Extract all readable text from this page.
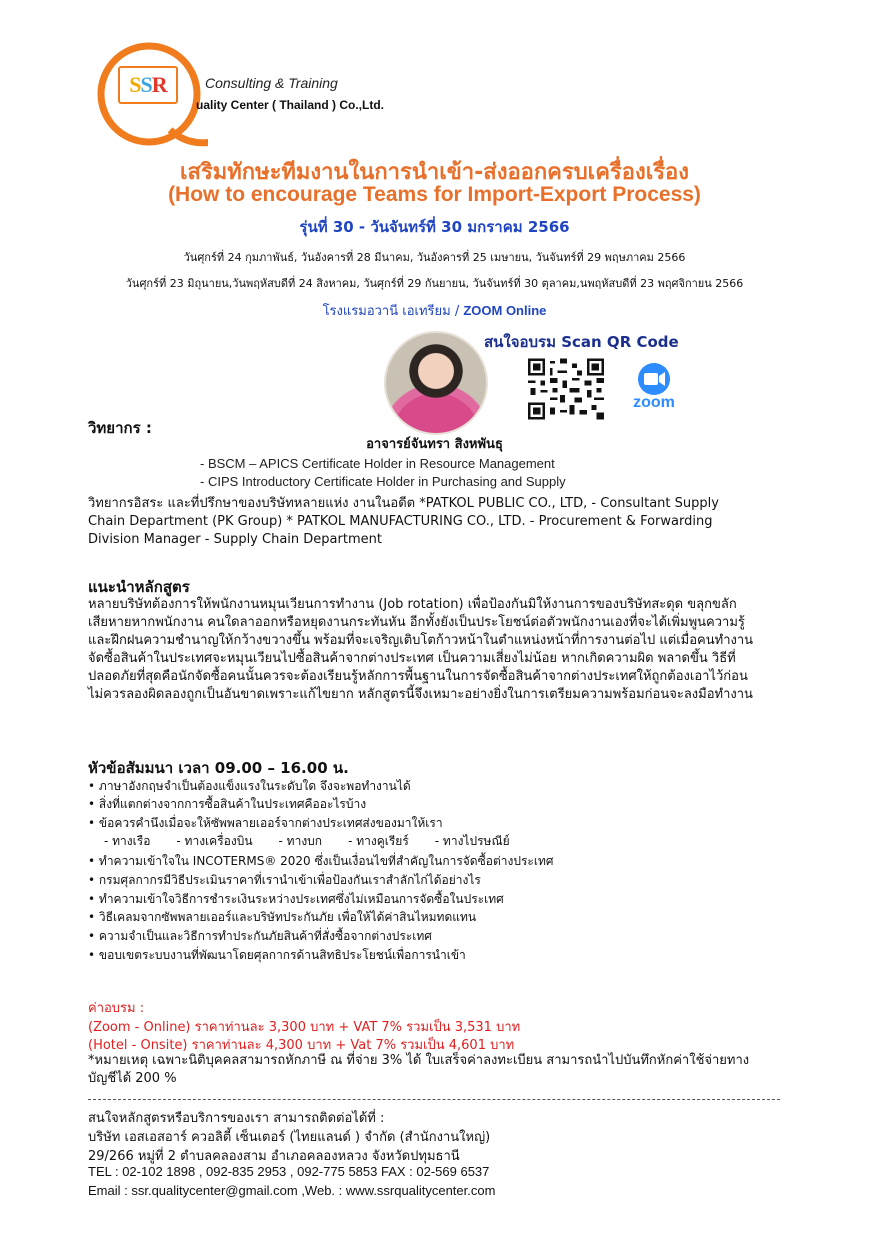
SSR	Consulting & Training
uality Center ( Thailand ) Co.,Ltd.
เสริมทักษะทีมงานในการนำเข้า-ส่งออกครบเครื่องเรื่อง
(How to encourage Teams for Import-Export Process)
รุ่นที่ 30 - วันจันทร์ที่ 30 มกราคม 2566
วันศุกร์ที่ 24 กุมภาพันธ์, วันอังคารที่ 28 มีนาคม, วันอังคารที่ 25 เมษายน, วันจันทร์ที่ 29 พฤษภาคม 2566
วันศุกร์ที่ 23 มิถุนายน,วันพฤหัสบดีที่ 24 สิงหาคม, วันศุกร์ที่ 29 กันยายน, วันจันทร์ที่ 30 ตุลาคม,นพฤหัสบดีที่ 23 พฤศจิกายน 2566
โรงแรมอวานี เอเทรียม / ZOOM Online
สนใจอบรม Scan QR Code
zoom
วิทยากร :
อาจารย์จันทรา สิงหพันธุ
- BSCM – APICS Certificate Holder in Resource Management
- CIPS Introductory Certificate Holder in Purchasing and Supply
วิทยากรอิสระ และที่ปรึกษาของบริษัทหลายแห่ง งานในอดีต *PATKOL PUBLIC CO., LTD, - Consultant Supply Chain Department (PK Group) * PATKOL MANUFACTURING CO., LTD. - Procurement & Forwarding Division Manager - Supply Chain Department
แนะนำหลักสูตร
หลายบริษัทต้องการให้พนักงานหมุนเวียนการทำงาน (Job rotation) เพื่อป้องกันมิให้งานการของบริษัทสะดุด ขลุกขลักเสียหายหากพนักงาน คนใดลาออกหรือหยุดงานกระทันหัน อีกทั้งยังเป็นประโยชน์ต่อตัวพนักงานเองที่จะได้เพิ่มพูนความรู้และฝึกฝนความชำนาญให้กว้างขวางขึ้น พร้อมที่จะเจริญเติบโตก้าวหน้าในตำแหน่งหน้าที่การงานต่อไป แต่เมื่อคนทำงานจัดซื้อสินค้าในประเทศจะหมุนเวียนไปซื้อสินค้าจากต่างประเทศ เป็นความเสี่ยงไม่น้อย หากเกิดความผิด พลาดขึ้น วิธีที่ปลอดภัยที่สุดคือนักจัดซื้อคนนั้นควรจะต้องเรียนรู้หลักการพื้นฐานในการจัดซื้อสินค้าจากต่างประเทศให้ถูกต้องเอาไว้ก่อน ไม่ควรลองผิดลองถูกเป็นอันขาดเพราะแก้ไขยาก หลักสูตรนี้จึงเหมาะอย่างยิ่งในการเตรียมความพร้อมก่อนจะลงมือทำงาน
หัวข้อสัมมนา เวลา 09.00 – 16.00 น.
• ภาษาอังกฤษจำเป็นต้องแข็งแรงในระดับใด จึงจะพอทำงานได้
• สิ่งที่แตกต่างจากการซื้อสินค้าในประเทศคืออะไรบ้าง
• ข้อควรคำนึงเมื่อจะให้ซัพพลายเออร์จากต่างประเทศส่งของมาให้เรา
- ทางเรือ - ทางเครื่องบิน - ทางบก - ทางคูเรียร์ - ทางไปรษณีย์
• ทำความเข้าใจใน INCOTERMS® 2020 ซึ่งเป็นเงื่อนไขที่สำคัญในการจัดซื้อต่างประเทศ
• กรมศุลกากรมีวิธีประเมินราคาที่เรานำเข้าเพื่อป้องกันเราสำลักไก่ได้อย่างไร
• ทำความเข้าใจวิธีการชำระเงินระหว่างประเทศซึ่งไม่เหมือนการจัดซื้อในประเทศ
• วิธีเคลมจากซัพพลายเออร์และบริษัทประกันภัย เพื่อให้ได้ค่าสินไหมทดแทน
• ความจำเป็นและวิธีการทำประกันภัยสินค้าที่สั่งซื้อจากต่างประเทศ
• ขอบเขตระบบงานที่พัฒนาโดยศุลกากรด้านสิทธิประโยชน์เพื่อการนำเข้า
ค่าอบรม :
(Zoom - Online) ราคาท่านละ 3,300 บาท + VAT 7% รวมเป็น 3,531 บาท
(Hotel - Onsite) ราคาท่านละ 4,300 บาท + Vat 7% รวมเป็น 4,601 บาท
*หมายเหตุ เฉพาะนิติบุคคลสามารถหักภาษี ณ ที่จ่าย 3% ได้ ใบเสร็จค่าลงทะเบียน สามารถนำไปบันทึกหักค่าใช้จ่ายทางบัญชีได้ 200 %
สนใจหลักสูตรหรือบริการของเรา สามารถติดต่อได้ที่ :
บริษัท เอสเอสอาร์ ควอลิตี้ เซ็นเตอร์ (ไทยแลนด์ ) จำกัด (สำนักงานใหญ่)
29/266 หมู่ที่ 2 ตำบลคลองสาม อำเภอคลองหลวง จังหวัดปทุมธานี
TEL : 02-102 1898 , 092-835 2953 , 092-775 5853 FAX : 02-569 6537
Email : ssr.qualitycenter@gmail.com ,Web. : www.ssrqualitycenter.com
